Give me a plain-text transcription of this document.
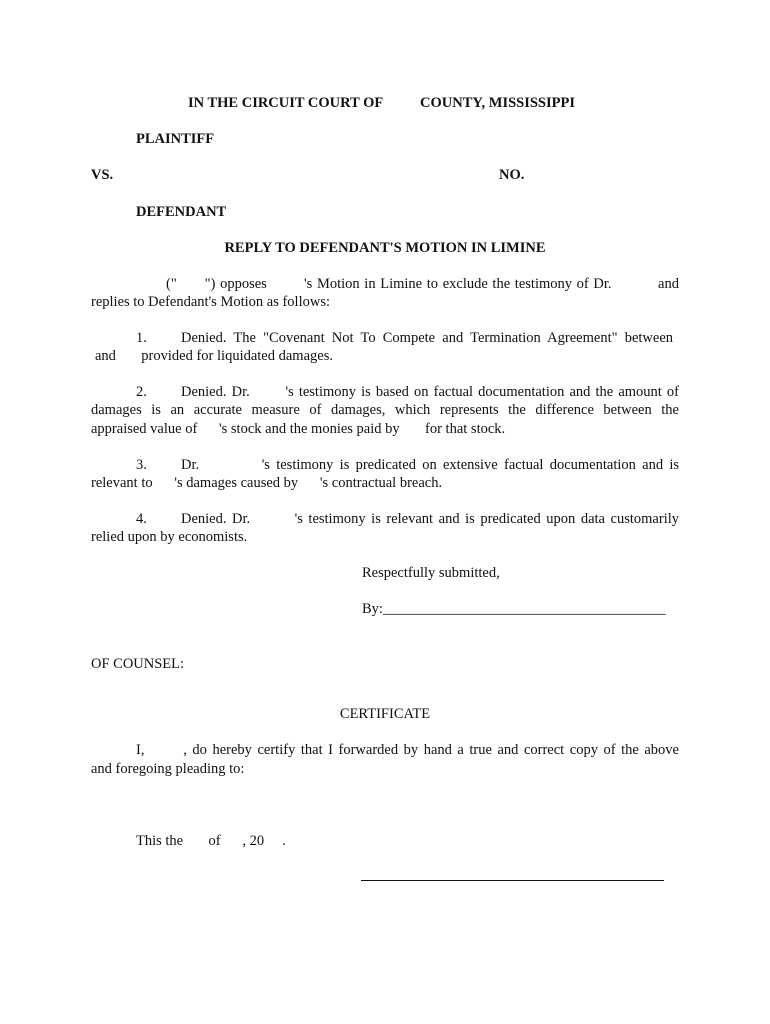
IN THE CIRCUIT COURT OF	COUNTY, MISSISSIPPI
PLAINTIFF
VS.	NO.
DEFENDANT
REPLY TO DEFENDANT'S MOTION IN LIMINE
("      ") opposes        's Motion in Limine to exclude the testimony of Dr.          and
replies to Defendant's Motion as follows:
1. Denied. The "Covenant Not To Compete and Termination Agreement" between
and       provided for liquidated damages.
2. Denied. Dr.       's testimony is based on factual documentation and the amount of
damages is an accurate measure of damages, which represents the difference between the
appraised value of      's stock and the monies paid by       for that stock.
3. Dr.          's testimony is predicated on extensive factual documentation and is
relevant to      's damages caused by      's contractual breach.
4. Denied. Dr.        's testimony is relevant and is predicated upon data customarily
relied upon by economists.
Respectfully submitted,
By:_______________________________________
OF COUNSEL:
CERTIFICATE
I,       , do hereby certify that I forwarded by hand a true and correct copy of the above
and foregoing pleading to:
This the       of      , 20     .
